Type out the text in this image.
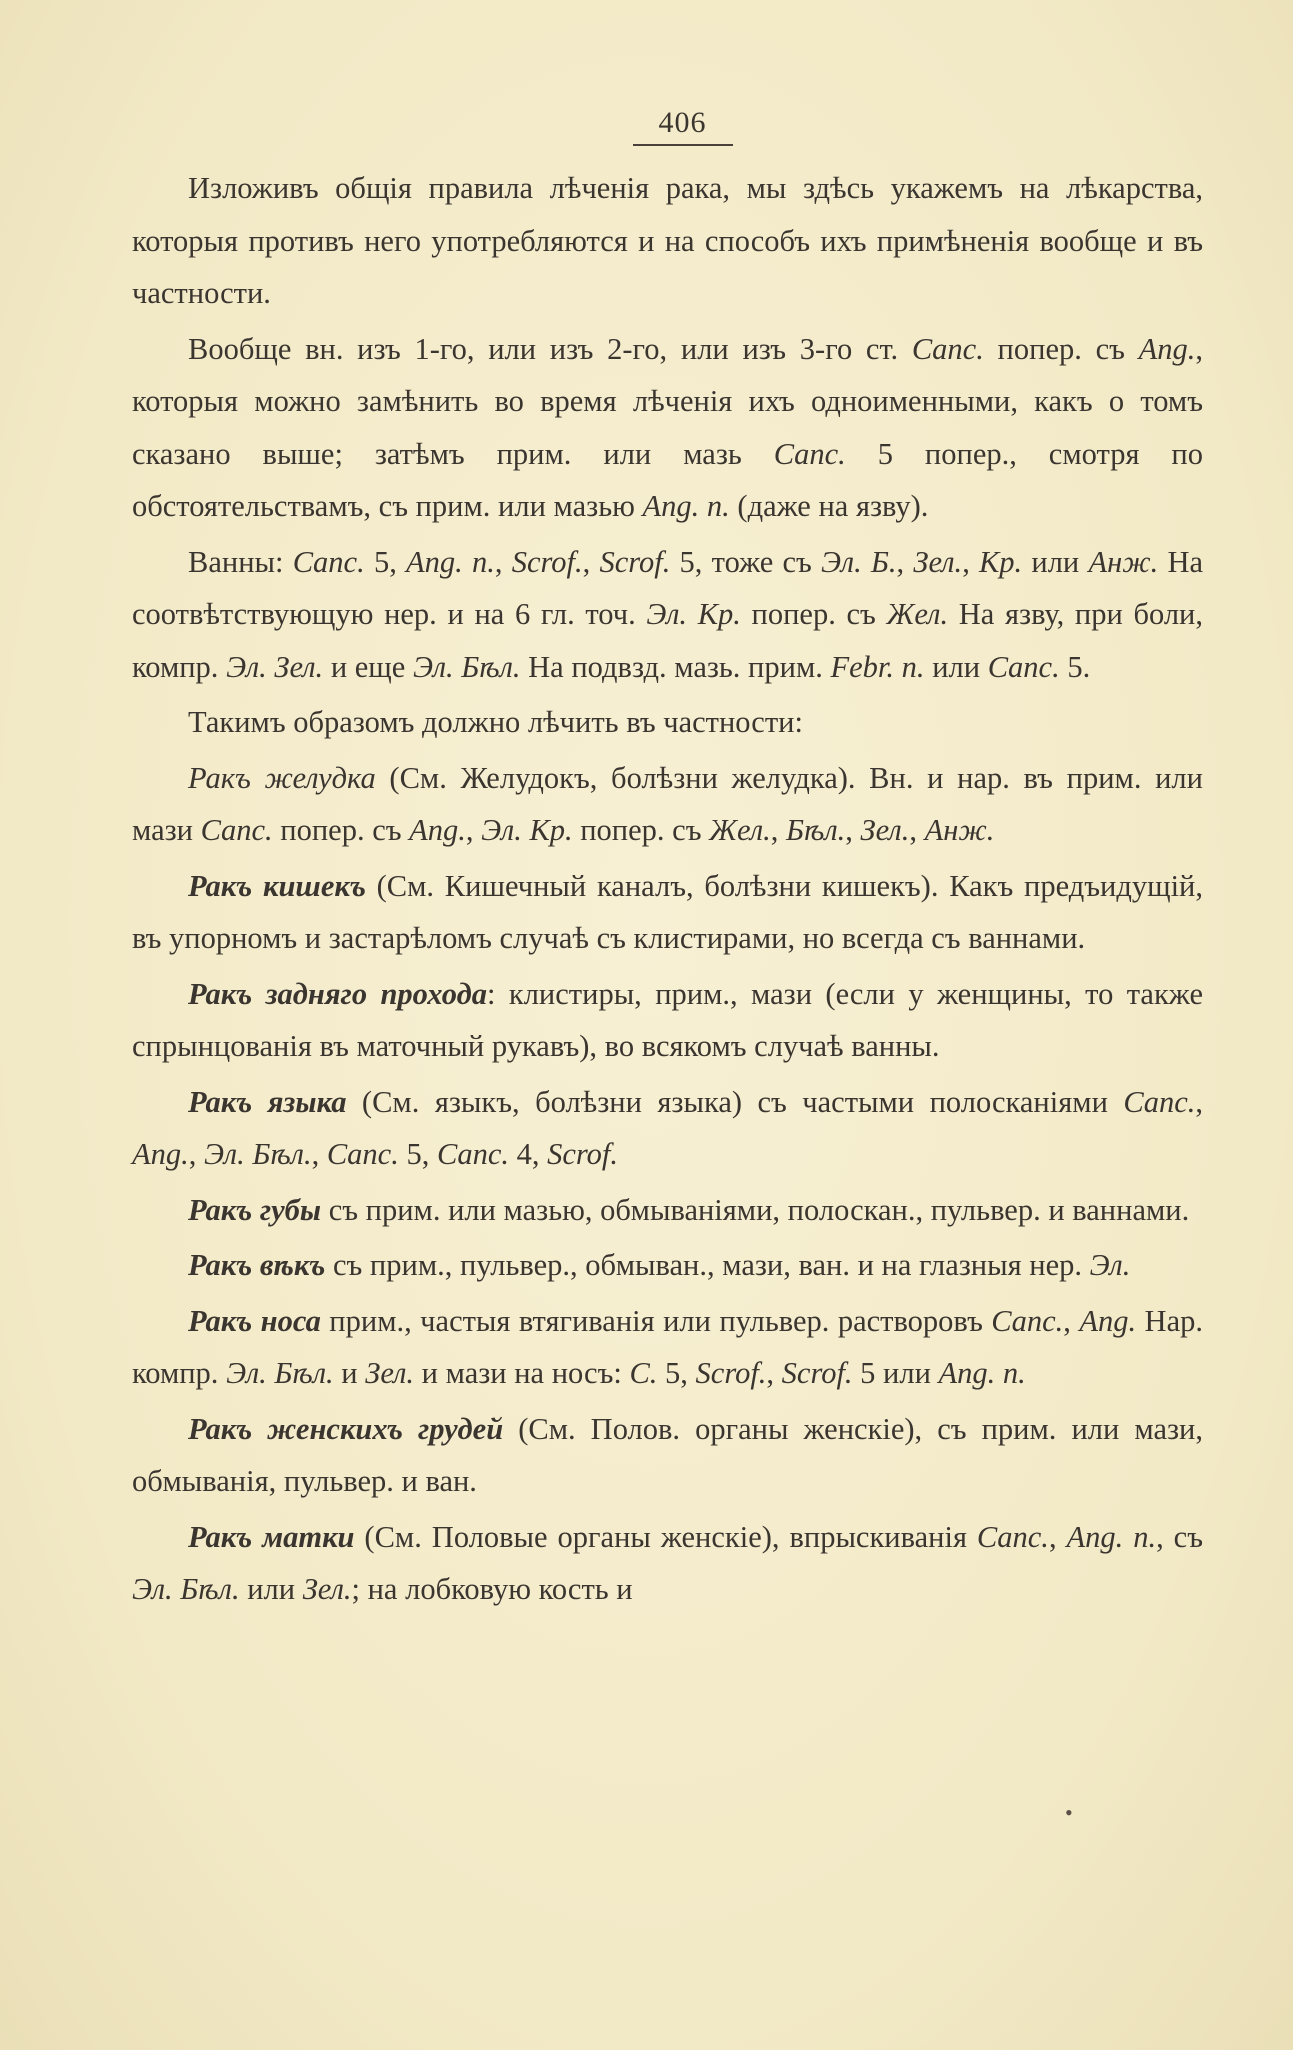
406

Изложивъ общія правила лѣченія рака, мы здѣсь укажемъ на лѣкарства, которыя противъ него употребляются и на способъ ихъ примѣненія вообще и въ частности.

Вообще вн. изъ 1-го, или изъ 2-го, или изъ 3-го ст. Canc. попер. съ Ang., которыя можно замѣнить во время лѣченія ихъ одноименными, какъ о томъ сказано выше; затѣмъ прим. или мазь Canc. 5 попер., смотря по обстоятельствамъ, съ прим. или мазью Ang. n. (даже на язву).

Ванны: Canc. 5, Ang. n., Scrof., Scrof. 5, тоже съ Эл. Б., Зел., Кр. или Анж. На соотвѣтствующую нер. и на 6 гл. точ. Эл. Кр. попер. съ Жел. На язву, при боли, компр. Эл. Зел. и еще Эл. Бѣл. На подвзд. мазь. прим. Febr. n. или Canc. 5.

Такимъ образомъ должно лѣчить въ частности:

Ракъ желудка (См. Желудокъ, болѣзни желудка). Вн. и нар. въ прим. или мази Canc. попер. съ Ang., Эл. Кр. попер. съ Жел., Бѣл., Зел., Анж.

Ракъ кишекъ (См. Кишечный каналъ, болѣзни кишекъ). Какъ предъидущій, въ упорномъ и застарѣломъ случаѣ съ клистирами, но всегда съ ваннами.

Ракъ задняго прохода: клистиры, прим., мази (если у женщины, то также спрынцованія въ маточный рукавъ), во всякомъ случаѣ ванны.

Ракъ языка (См. языкъ, болѣзни языка) съ частыми полосканіями Canc., Ang., Эл. Бѣл., Canc. 5, Canc. 4, Scrof.

Ракъ губы съ прим. или мазью, обмываніями, полоскан., пульвер. и ваннами.

Ракъ вѣкъ съ прим., пульвер., обмыван., мази, ван. и на глазныя нер. Эл.

Ракъ носа прим., частыя втягиванія или пульвер. растворовъ Canc., Ang. Нар. компр. Эл. Бѣл. и Зел. и мази на носъ: C. 5, Scrof., Scrof. 5 или Ang. n.

Ракъ женскихъ грудей (См. Полов. органы женскіе), съ прим. или мази, обмыванія, пульвер. и ван.

Ракъ матки (См. Половые органы женскіе), впрыскиванія Canc., Ang. n., съ Эл. Бѣл. или Зел.; на лобковую кость и

•
